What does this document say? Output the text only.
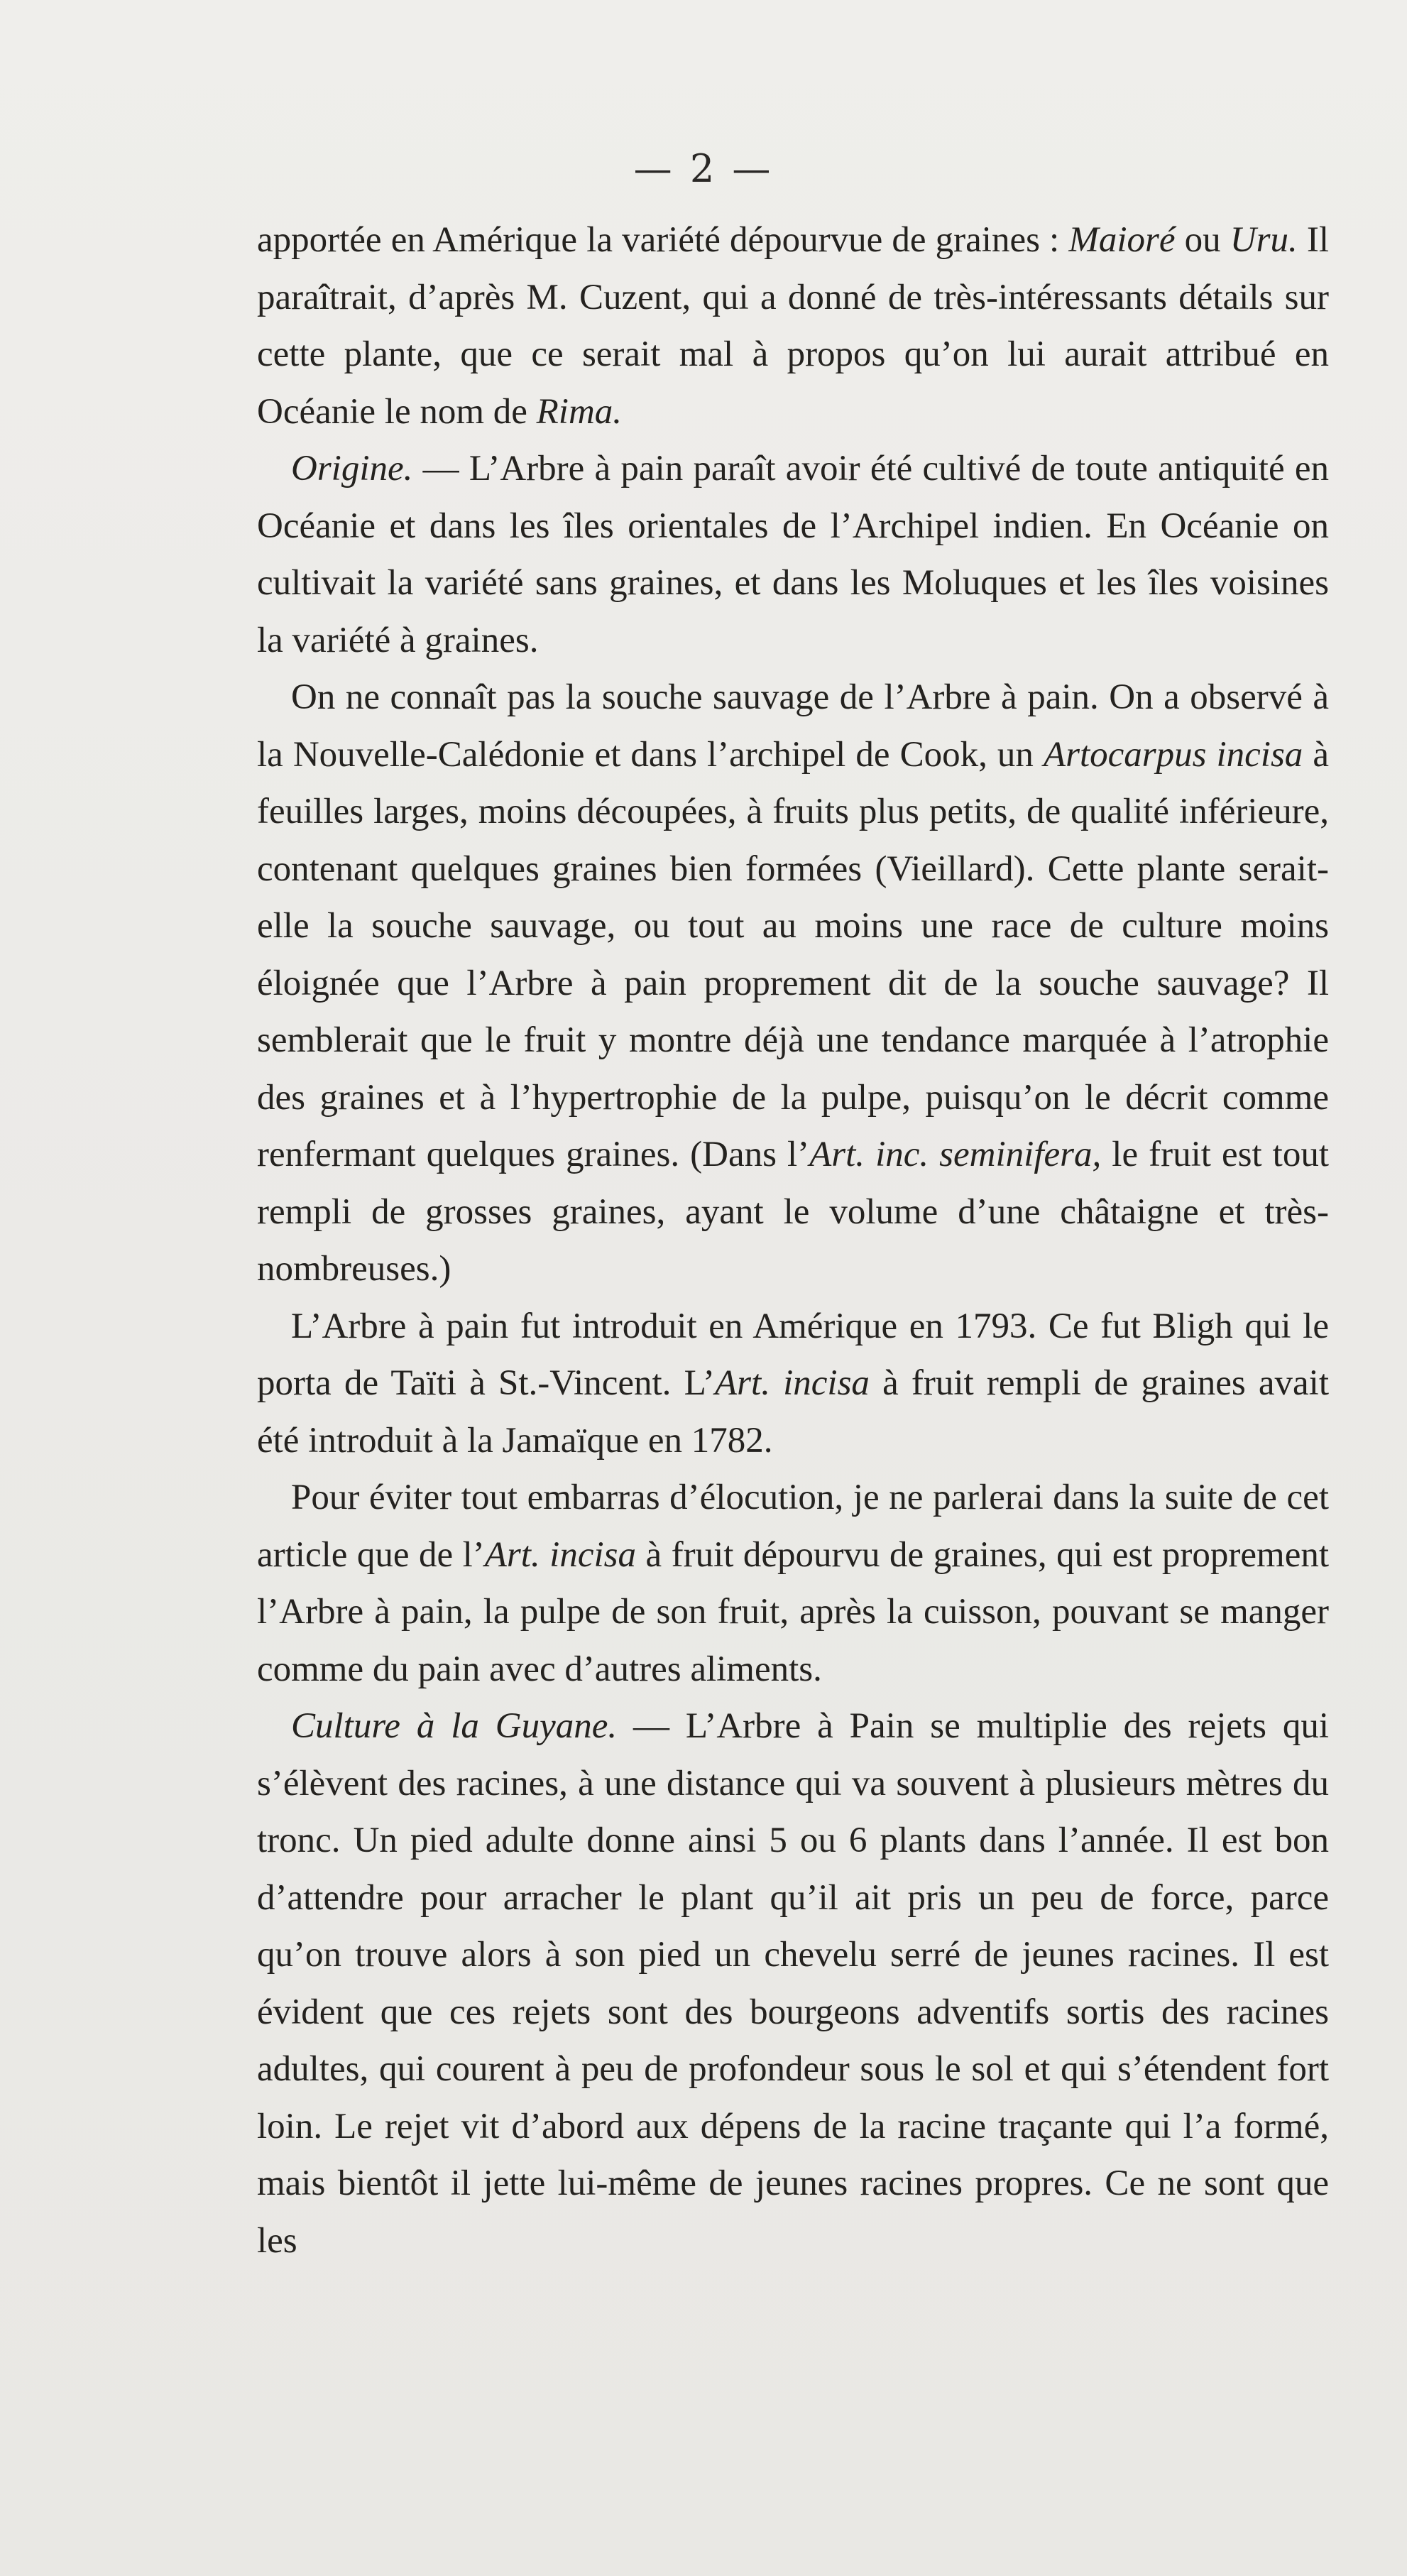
— 2 —

apportée en Amérique la variété dépourvue de graines : Maioré ou Uru. Il paraîtrait, d’après M. Cuzent, qui a donné de très-intéressants détails sur cette plante, que ce serait mal à propos qu’on lui aurait attribué en Océanie le nom de Rima.

Origine. — L’Arbre à pain paraît avoir été cultivé de toute antiquité en Océanie et dans les îles orientales de l’Archipel indien. En Océanie on cultivait la variété sans graines, et dans les Moluques et les îles voisines la variété à graines.

On ne connaît pas la souche sauvage de l’Arbre à pain. On a observé à la Nouvelle-Calédonie et dans l’archipel de Cook, un Artocarpus incisa à feuilles larges, moins découpées, à fruits plus petits, de qualité inférieure, contenant quelques graines bien formées (Vieillard). Cette plante serait-elle la souche sauvage, ou tout au moins une race de culture moins éloignée que l’Arbre à pain proprement dit de la souche sauvage? Il semblerait que le fruit y montre déjà une tendance marquée à l’atrophie des graines et à l’hypertrophie de la pulpe, puisqu’on le décrit comme renfermant quelques graines. (Dans l’Art. inc. seminifera, le fruit est tout rempli de grosses graines, ayant le volume d’une châtaigne et très-nombreuses.)

L’Arbre à pain fut introduit en Amérique en 1793. Ce fut Bligh qui le porta de Taïti à St.-Vincent. L’Art. incisa à fruit rempli de graines avait été introduit à la Jamaïque en 1782.

Pour éviter tout embarras d’élocution, je ne parlerai dans la suite de cet article que de l’Art. incisa à fruit dépourvu de graines, qui est proprement l’Arbre à pain, la pulpe de son fruit, après la cuisson, pouvant se manger comme du pain avec d’autres aliments.

Culture à la Guyane. — L’Arbre à Pain se multiplie des rejets qui s’élèvent des racines, à une distance qui va souvent à plusieurs mètres du tronc. Un pied adulte donne ainsi 5 ou 6 plants dans l’année. Il est bon d’attendre pour arracher le plant qu’il ait pris un peu de force, parce qu’on trouve alors à son pied un chevelu serré de jeunes racines. Il est évident que ces rejets sont des bourgeons adventifs sortis des racines adultes, qui courent à peu de profondeur sous le sol et qui s’étendent fort loin. Le rejet vit d’abord aux dépens de la racine traçante qui l’a formé, mais bientôt il jette lui-même de jeunes racines propres. Ce ne sont que les
